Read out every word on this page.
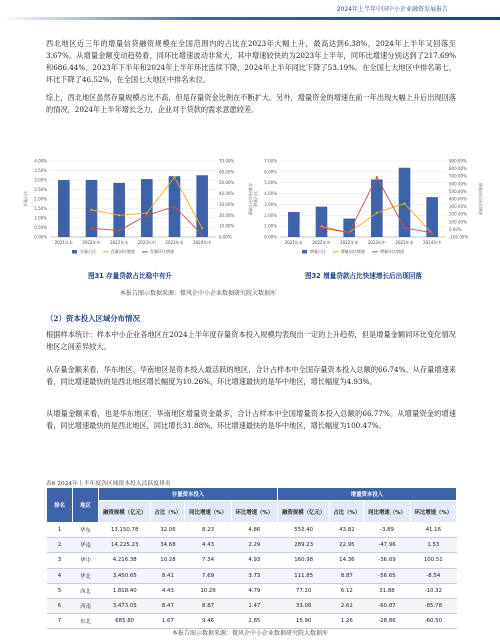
2024年上半年中国中小企业融资发展报告
西北地区近三年的增量信贷融资规模在全国范围内的占比在2023年大幅上升，最高达到6.38%，2024年上半年又回落至3.67%。从增量金额变动趋势看，同环比增速波动非常大，其中增速较快的为2023年上半年，同环比增速分别达到了217.69%和686.44%，2023年下半年和2024年上半年环比连续下降，2024年上半年同比下降了53.19%。在全国七大地区中排名第七，环比下降了46.52%，在全国七大地区中排名末位。
综上，西北地区虽然存量规模占比不高，但是存量资金比例在不断扩大。另外，增量资金的增速在前一年出现大幅上升后出现回落的情况，2024年上半年增长乏力，企业对于贷款的需求意愿较差。
0.00%
0.50%
1.00%
1.50%
2.00%
2.50%
3.00%
3.50%
4.00%
0.00%
10.00%
20.00%
30.00%
40.00%
50.00%
60.00%
70.00%
存量占比	存量同比环比增速
2021年末 2022年中 2022年末 2023年中 2023年末 2024年中
存量占比	存量同比增速	存量环比增速
图31 存量贷款占比稳中有升
0.00%
1.00%
2.00%
3.00%
4.00%
5.00%
6.00%
7.00%
-100.00%
0.00%
100.00%
200.00%
300.00%
400.00%
500.00%
600.00%
700.00%
800.00%
900.00%
增量占比	增量同比环比增速
2021年末 2022年中 2022年末 2023年中 2023年末 2024年中
增量占比	增量同比增速	增量环比增速
图32 增量贷款占比快速增长后出现回落
本报告图示数据来源：微风企中小企业数据研究院大数据库
（2）资本投入区域分布情况
根据样本统计：样本中小企业各地区在2024上半年度存量资本投入规模均表现出一定的上升趋势，但是增量金额同环比变化情况地区之间差异较大。
从存量金额来看，华东地区、华南地区是资本投入最活跃的地区，合计占样本中全国存量资本投入总额的66.74%。从存量增速来看，同比增速最快的是西北地区增长幅度为10.26%，环比增速最快的是华中地区，增长幅度为4.93%。
从增量金额来看，也是华东地区、华南地区增量资金最多，合计占样本中全国增量资本投入总额的66.77%。从增量资金的增速看，同比增速最快的是西北地区，同比增长31.88%，环比增速最快的是华中地区，增长幅度为100.47%。
表6 2024年上半年度各区域资本投入活跃度排名
排名	地区	存量资本投入				增量资本投入			
		融资规模（亿元）	占比（%）	同比增速（%）	环比增速（%）	融资规模（亿元）	占比（%）	同比增速（%）	环比增速（%）
1	华东	13,150.78	32.06	8.23	4.86	552.40	43.82	-3.89	41.16
2	华南	14,225.23	34.68	4.43	2.29	289.23	22.95	-47.96	1.53
3	华中	4,216.38	10.28	7.34	4.93	160.98	14.36	-36.09	100.51
4	华北	3,450.65	8.41	7.69	3.73	111.85	8.87	-56.65	-8.54
5	西北	1,818.40	4.43	10.26	4.79	77.20	6.12	31.88	-10.32
6	西南	3,473.05	8.47	8.87	1.47	33.08	2.62	-60.87	-85.78
7	东北	685.80	1.67	9.46	2.85	15.90	1.26	-28.86	-60.50
本报告图示数据来源：微风企中小企业数据研究院大数据库
